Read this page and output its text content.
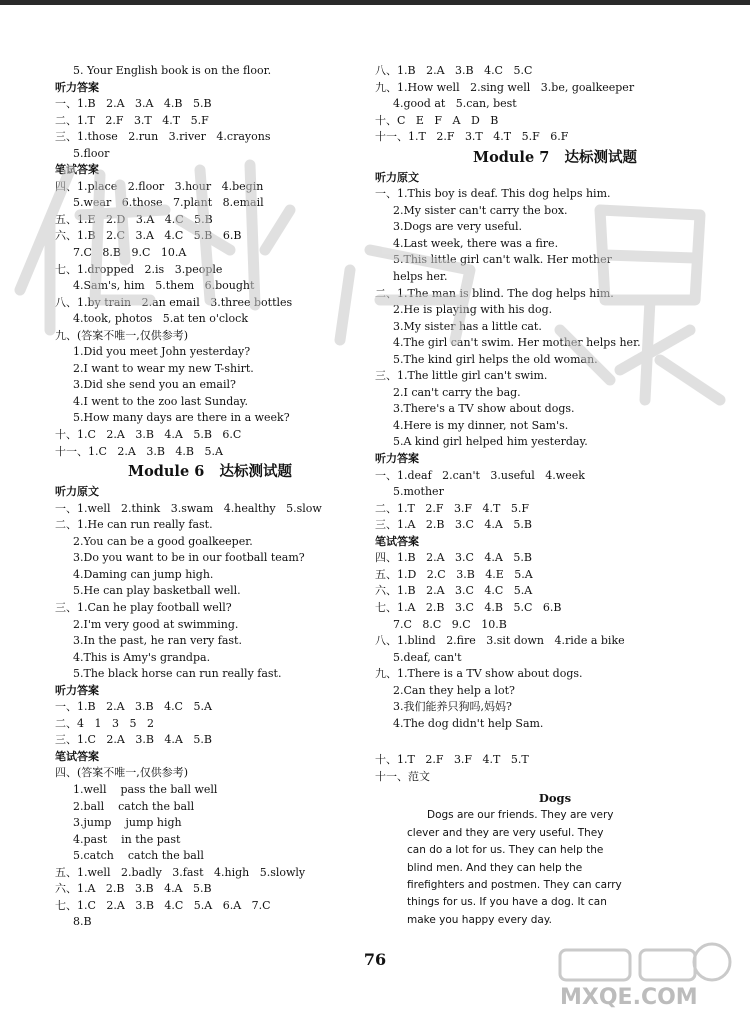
5. Your English book is on the floor.
听力答案
一、1.B   2.A   3.A   4.B   5.B
二、1.T   2.F   3.T   4.T   5.F
三、1.those   2.run   3.river   4.crayons
5.floor
笔试答案
四、1.place   2.floor   3.hour   4.begin
5.wear   6.those   7.plant   8.email
五、1.E   2.D   3.A   4.C   5.B
六、1.B   2.C   3.A   4.C   5.B   6.B
7.C   8.B   9.C   10.A
七、1.dropped   2.is   3.people
4.Sam's, him   5.them   6.bought
八、1.by train   2.an email   3.three bottles
4.took, photos   5.at ten o'clock
九、(答案不唯一,仅供参考)
1.Did you meet John yesterday?
2.I want to wear my new T-shirt.
3.Did she send you an email?
4.I went to the zoo last Sunday.
5.How many days are there in a week?
十、1.C   2.A   3.B   4.A   5.B   6.C
十一、1.C   2.A   3.B   4.B   5.A
Module 6   达标测试题
听力原文
一、1.well   2.think   3.swam   4.healthy   5.slow
二、1.He can run really fast.
2.You can be a good goalkeeper.
3.Do you want to be in our football team?
4.Daming can jump high.
5.He can play basketball well.
三、1.Can he play football well?
2.I'm very good at swimming.
3.In the past, he ran very fast.
4.This is Amy's grandpa.
5.The black horse can run really fast.
听力答案
一、1.B   2.A   3.B   4.C   5.A
二、4   1   3   5   2
三、1.C   2.A   3.B   4.A   5.B
笔试答案
四、(答案不唯一,仅供参考)
1.well    pass the ball well
2.ball    catch the ball
3.jump    jump high
4.past    in the past
5.catch    catch the ball
五、1.well   2.badly   3.fast   4.high   5.slowly
六、1.A   2.B   3.B   4.A   5.B
七、1.C   2.A   3.B   4.C   5.A   6.A   7.C
8.B
八、1.B   2.A   3.B   4.C   5.C
九、1.How well   2.sing well   3.be, goalkeeper
4.good at   5.can, best
十、C   E   F   A   D   B
十一、1.T   2.F   3.T   4.T   5.F   6.F
Module 7   达标测试题
听力原文
一、1.This boy is deaf. This dog helps him.
2.My sister can't carry the box.
3.Dogs are very useful.
4.Last week, there was a fire.
5.This little girl can't walk. Her mother
helps her.
二、1.The man is blind. The dog helps him.
2.He is playing with his dog.
3.My sister has a little cat.
4.The girl can't swim. Her mother helps her.
5.The kind girl helps the old woman.
三、1.The little girl can't swim.
2.I can't carry the bag.
3.There's a TV show about dogs.
4.Here is my dinner, not Sam's.
5.A kind girl helped him yesterday.
听力答案
一、1.deaf   2.can't   3.useful   4.week
5.mother
二、1.T   2.F   3.F   4.T   5.F
三、1.A   2.B   3.C   4.A   5.B
笔试答案
四、1.B   2.A   3.C   4.A   5.B
五、1.D   2.C   3.B   4.E   5.A
六、1.B   2.A   3.C   4.C   5.A
七、1.A   2.B   3.C   4.B   5.C   6.B
7.C   8.C   9.C   10.B
八、1.blind   2.fire   3.sit down   4.ride a bike
5.deaf, can't
九、1.There is a TV show about dogs.
2.Can they help a lot?
3.我们能养只狗吗,妈妈?
4.The dog didn't help Sam.

十、1.T   2.F   3.F   4.T   5.T
十一、范文
Dogs
Dogs are our friends. They are very clever and they are very useful. They can do a lot for us. They can help the blind men. And they can help the firefighters and postmen. They can carry things for us. If you have a dog. It can make you happy every day.
76
MXQE.COM
